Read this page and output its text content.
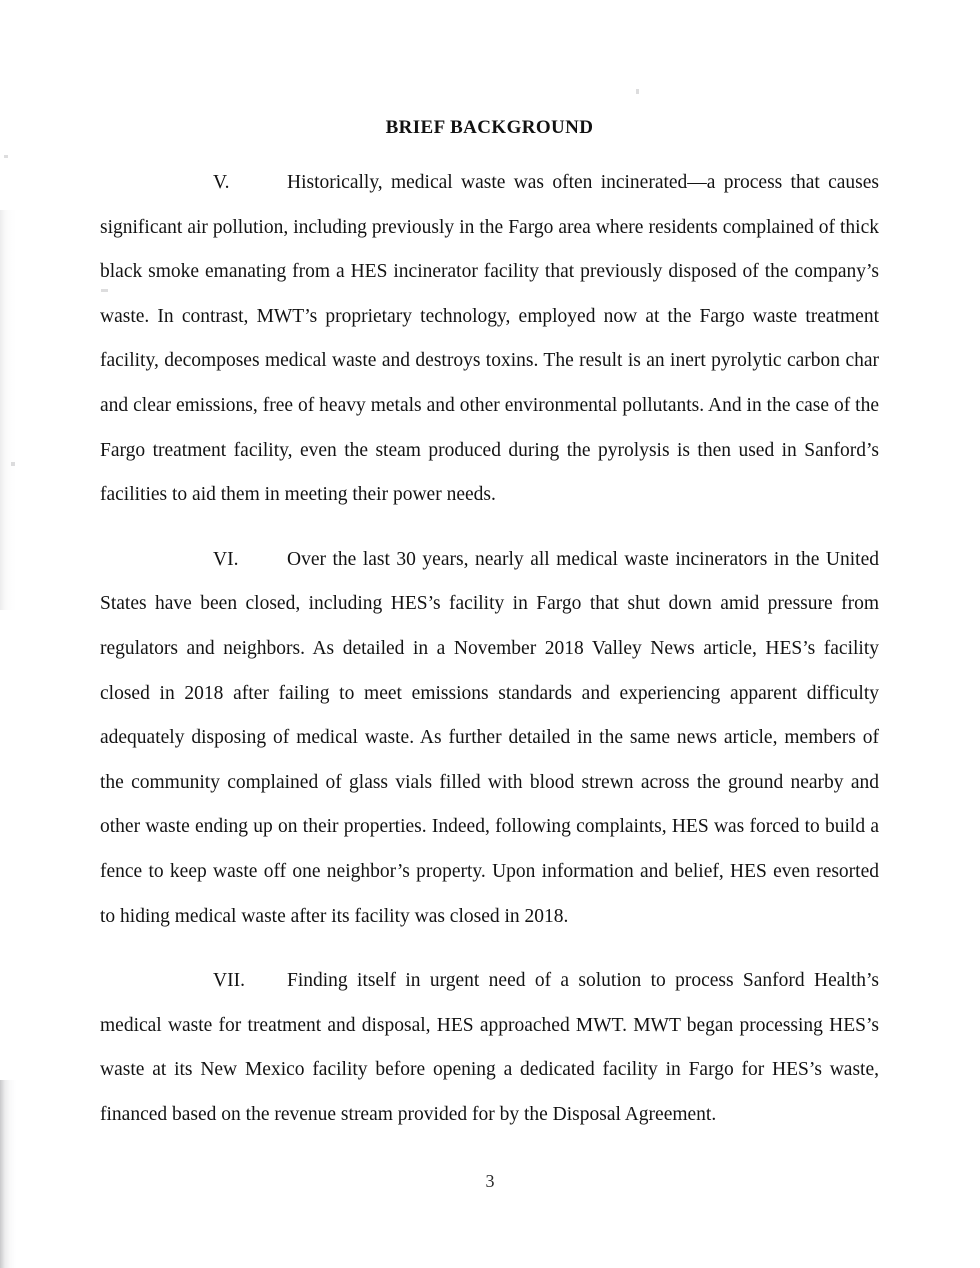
BRIEF BACKGROUND

V.	Historically, medical waste was often incinerated—a process that causes significant air pollution, including previously in the Fargo area where residents complained of thick black smoke emanating from a HES incinerator facility that previously disposed of the company’s waste. In contrast, MWT’s proprietary technology, employed now at the Fargo waste treatment facility, decomposes medical waste and destroys toxins. The result is an inert pyrolytic carbon char and clear emissions, free of heavy metals and other environmental pollutants. And in the case of the Fargo treatment facility, even the steam produced during the pyrolysis is then used in Sanford’s facilities to aid them in meeting their power needs.

VI. Over the last 30 years, nearly all medical waste incinerators in the United States have been closed, including HES’s facility in Fargo that shut down amid pressure from regulators and neighbors. As detailed in a November 2018 Valley News article, HES’s facility closed in 2018 after failing to meet emissions standards and experiencing apparent difficulty adequately disposing of medical waste. As further detailed in the same news article, members of the community complained of glass vials filled with blood strewn across the ground nearby and other waste ending up on their properties. Indeed, following complaints, HES was forced to build a fence to keep waste off one neighbor’s property. Upon information and belief, HES even resorted to hiding medical waste after its facility was closed in 2018.

VII. Finding itself in urgent need of a solution to process Sanford Health’s medical waste for treatment and disposal, HES approached MWT. MWT began processing HES’s waste at its New Mexico facility before opening a dedicated facility in Fargo for HES’s waste, financed based on the revenue stream provided for by the Disposal Agreement.

3
